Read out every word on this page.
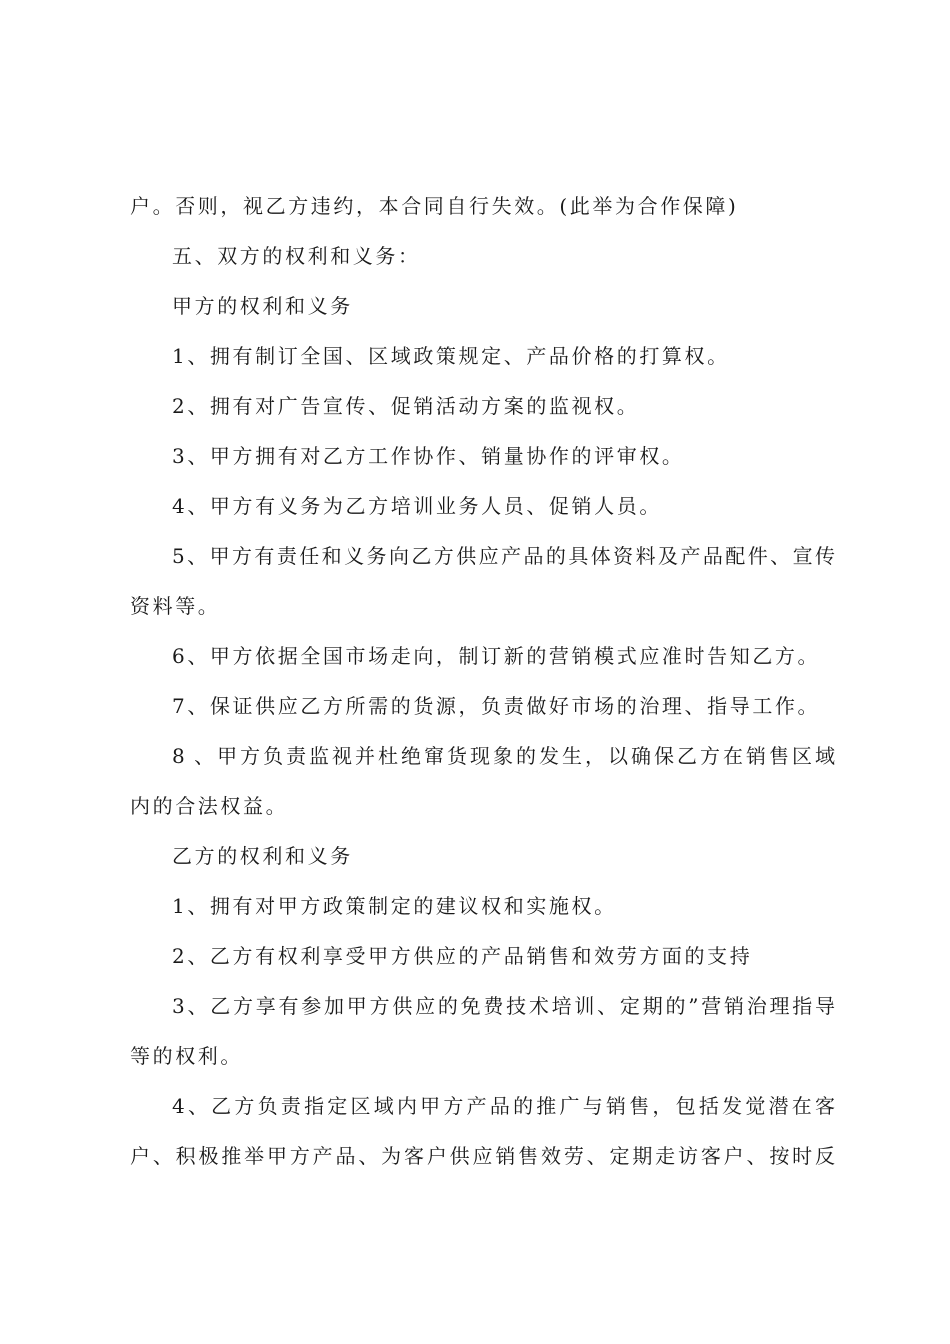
户。否则，视乙方违约，本合同自行失效。(此举为合作保障)
五、双方的权利和义务：
甲方的权利和义务
1、拥有制订全国、区域政策规定、产品价格的打算权。
2、拥有对广告宣传、促销活动方案的监视权。
3、甲方拥有对乙方工作协作、销量协作的评审权。
4、甲方有义务为乙方培训业务人员、促销人员。
5、甲方有责任和义务向乙方供应产品的具体资料及产品配件、宣传
资料等。
6、甲方依据全国市场走向，制订新的营销模式应准时告知乙方。
7、保证供应乙方所需的货源，负责做好市场的治理、指导工作。
8 、甲方负责监视并杜绝窜货现象的发生，以确保乙方在销售区域
内的合法权益。
乙方的权利和义务
1、拥有对甲方政策制定的建议权和实施权。
2、乙方有权利享受甲方供应的产品销售和效劳方面的支持
3、乙方享有参加甲方供应的免费技术培训、定期的”营销治理指导
等的权利。
4、乙方负责指定区域内甲方产品的推广与销售，包括发觉潜在客
户、积极推举甲方产品、为客户供应销售效劳、定期走访客户、按时反
